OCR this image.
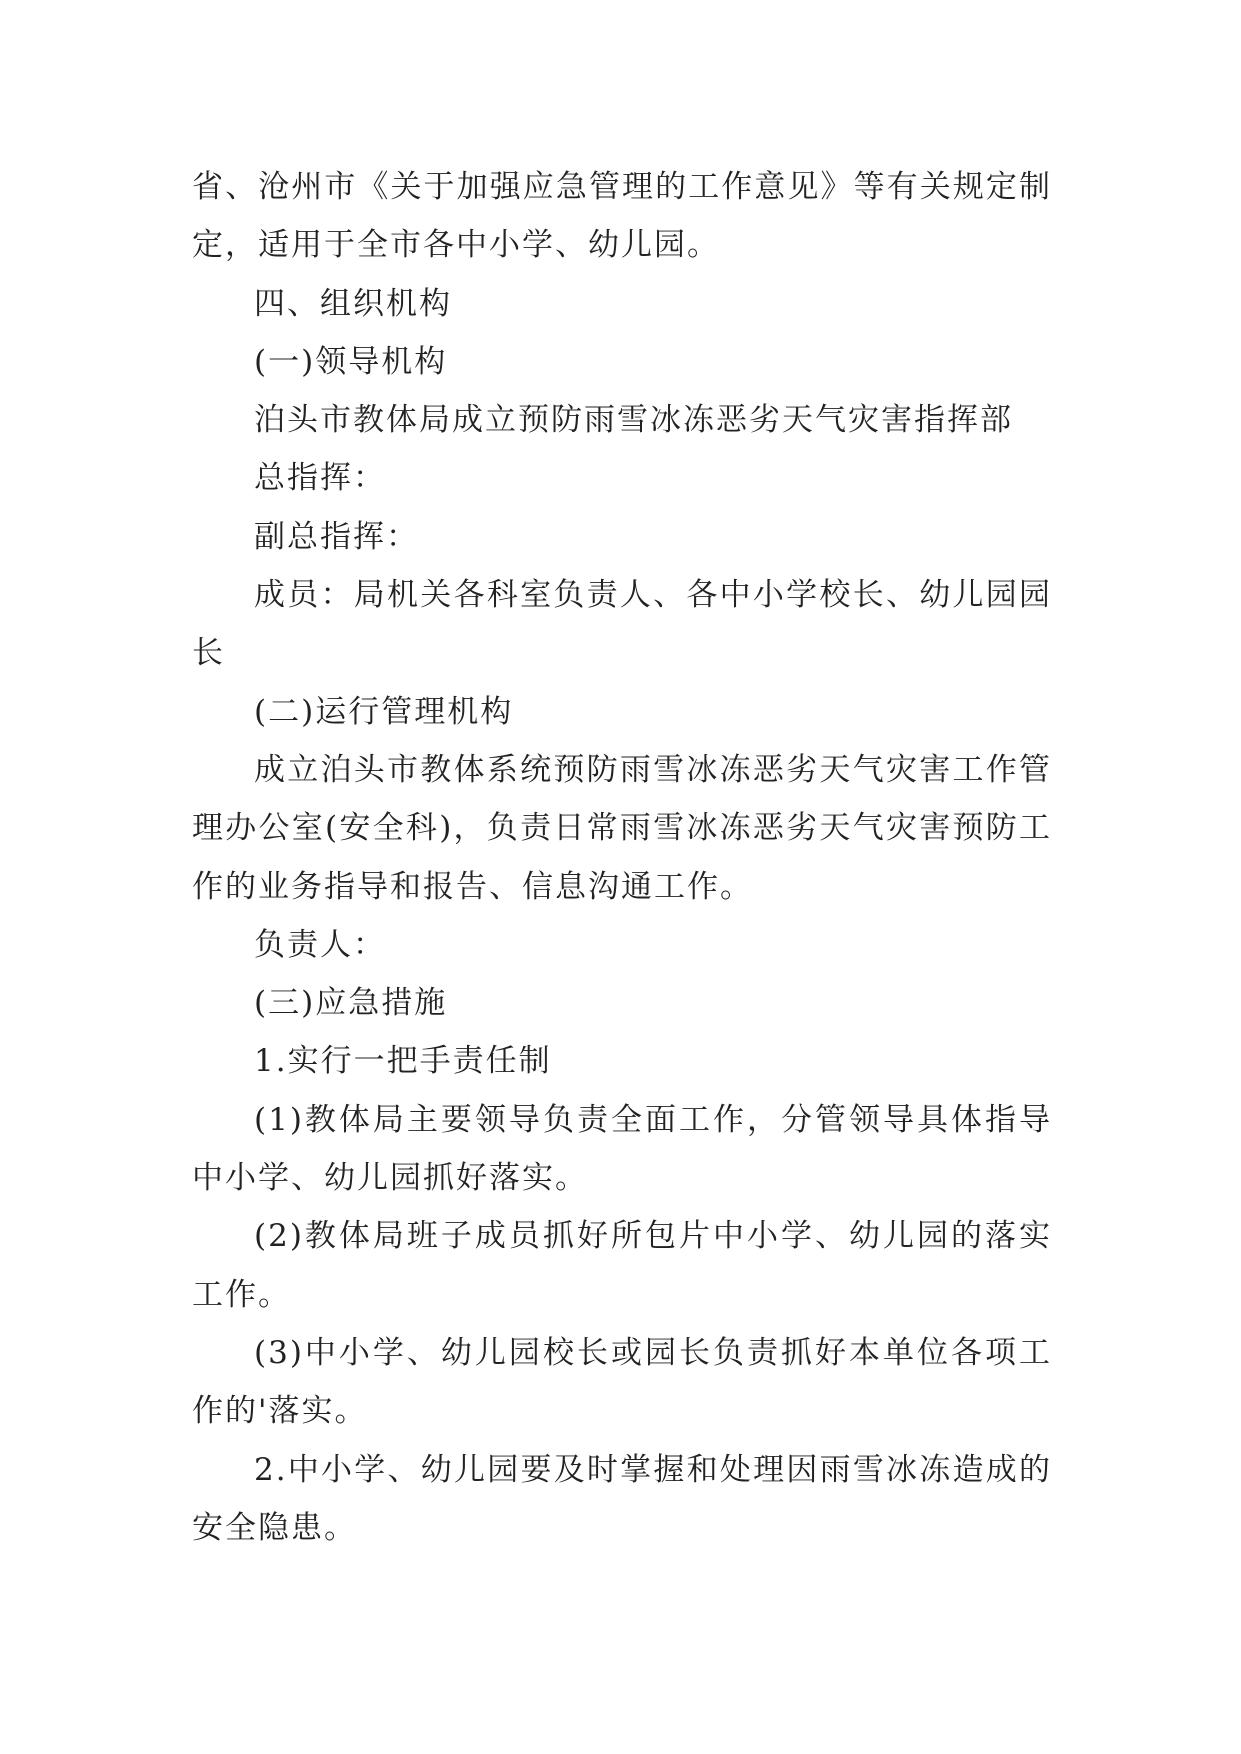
省、沧州市《关于加强应急管理的工作意见》等有关规定制定，适用于全市各中小学、幼儿园。

四、组织机构

(一)领导机构

泊头市教体局成立预防雨雪冰冻恶劣天气灾害指挥部

总指挥：

副总指挥：

成员：局机关各科室负责人、各中小学校长、幼儿园园长

(二)运行管理机构

成立泊头市教体系统预防雨雪冰冻恶劣天气灾害工作管理办公室(安全科)，负责日常雨雪冰冻恶劣天气灾害预防工作的业务指导和报告、信息沟通工作。

负责人：

(三)应急措施

1.实行一把手责任制

(1)教体局主要领导负责全面工作，分管领导具体指导中小学、幼儿园抓好落实。

(2)教体局班子成员抓好所包片中小学、幼儿园的落实工作。

(3)中小学、幼儿园校长或园长负责抓好本单位各项工作的'落实。

2.中小学、幼儿园要及时掌握和处理因雨雪冰冻造成的安全隐患。
